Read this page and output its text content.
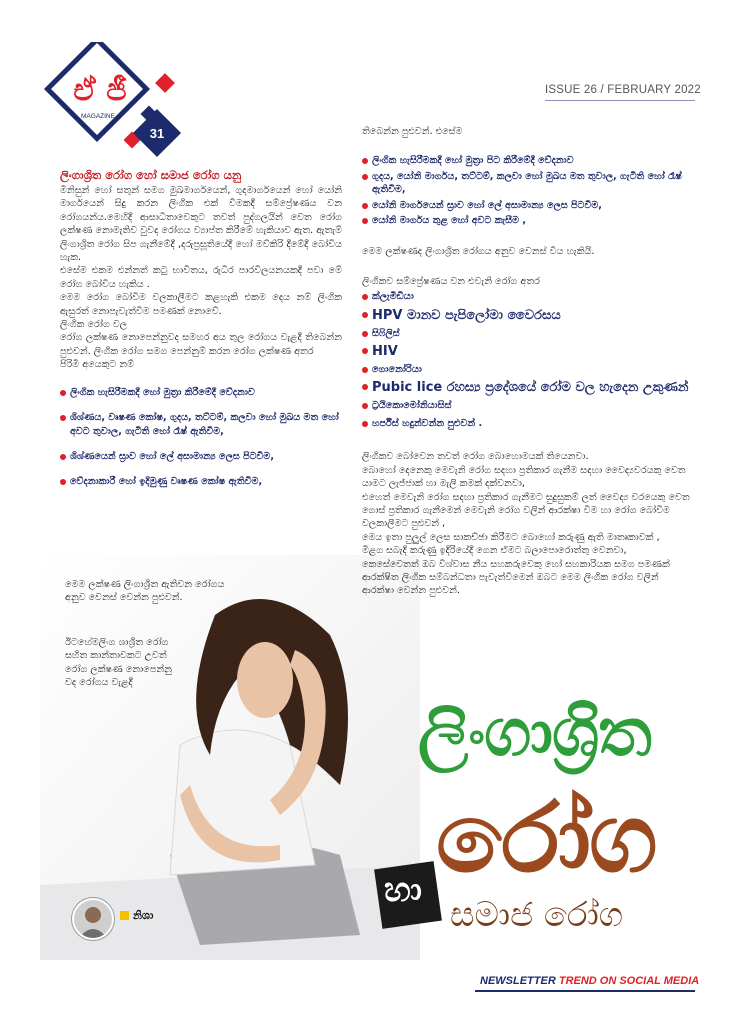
ඒ ජී
MAGAZINE
31
ISSUE 26 / FEBRUARY 2022
ලිංගාශ්‍රිත රෝග හෝ සමාජ රෝග යනු

මිනිසුන් හෝ සතුන් සමග මුඛමාර්ගයෙන්, ගුදමාර්ගයෙන් හෝ යෝනි මාර්ගයෙන් සිදු කරන ලිංගික එක් වීමකදී සම්ප්‍රේෂණය වන රෝගයන්ය.මෙහිදී ආසාධිතාවෙකුට තවත් පුද්ගලයින් වෙත රෝග ලක්ෂණ නොමැතිව වුවද රෝගය ව්‍යාප්ත කිරීමේ හැකියාව ඇත. ඇතැම් ලිංගාශ්‍රිත රෝග සිප ගැනීමේදී ,දරුප්‍රසූතියේදී හෝ මව්කිරි දීමේදී බෝවිය හැක.

එසේම එකම එන්නත් කටු භාවිතය, රුධිර පාරවිලයනයකදී පවා මේ රෝග බෝවිය හැකිය .

මෙම රෝග බෝවීම වලකාලීමට කළහැකි එකම දෙය නම් ලිංගික ඇසුරත් නොපැවැත්වීම පමණක් නොවේ.

ලිංගික රෝග වල

රෝග ලක්ෂණ නොපෙන්නුවද සමහර අය තුල රෝගය වැළදී තිබෙන්න පුළුවන්. ලිංගික රෝග සමග පෙන්නුම් කරන රෝග ලක්ෂණ අතර

පිරිමි අයෙකුට නම්

ලිංගික හැසිරීමකදී හෝ මුත්‍රා කිරීමේදී වේදනාව
ශිශ්ණය, වෘෂණ කෝෂ, ගුදය, තට්ටම්, කලවා හෝ මුඛය මත හෝ අවට තුවාල, ගැටිති හෝ රෑෂ් ඇතිවීම,
ශිශ්ණයෙන් ස්‍රාව හෝ ලේ අසාමාන්‍ය ලෙස පිටවීම,
වේදනාකාරී හෝ ඉදිමුණු වෘෂණ කෝෂ ඇතිවීම,
නිශා
මෙම ලක්ෂණ ලිංගාශ්‍රිත ඇතිවන රෝගය අනුව වෙනස් වෙන්න පුළුවන්.
ඊටහේමලිංග ශාශ්‍රිත රෝග සහිත කාන්තාවකට උවත් රෝග ලක්ෂණ නොපෙන්නු වද රෝගය වැළදී

තිබෙන්න පුළුවන්. එසේම

ලිංගික හැසිරීමකදී හෝ මුත්‍රා පිට කිරීමේදී වේදනාව
ගුදය, යෝනි මාර්ගය, තට්ටම්, කලවා හෝ මුඛය මත තුවාල, ගැටිති හෝ රෑෂ් ඇතිවීම,
යෝනි මාර්ගයෙන් ස්‍රාව හෝ ලේ අසාමාන්‍ය ලෙස පිටවීම,
යෝනි මාර්ගය තුළ හෝ අවට කැසීම ,

මෙම ලක්ෂණද ලිංගාශ්‍රිත රෝගය අනුව වෙනස් විය හැකියි.

ලිංගිකව සම්ප්‍රේෂණය වන එවැනි රෝග අතර

ක්ලැමීඩියා
HPV මානව පැපිලෝමා වෛරසය
සිෆිලිස්
HIV
ගොනෝරියා
Pubic lice රහස්‍ය ප්‍රදේශයේ රෝම වල හැදෙන උකුණන්
ට්‍රයිකොමෝනියාසිස්
හර්පීස් හදුන්වන්න පුළුවන් .

ලිංගිකව බෝවෙන තවත් රෝග බොහොමයක් තියෙනවා.

බොහෝ දෙනෙකු මෙවැනි රෝග සදහා ප්‍රතිකාර ගැනීම සදහා වෛද්‍යවරයකු වෙත යාමට ලැජ්ජාක් හා මැලි කමක් දක්වනවා,

එහෙත් මෙවැනි රෝග සදහා ප්‍රතිකාර ගැනීමට සුදුසුකම් ලත් වෛද්‍ය වරයෙකු වෙත ගොස් ප්‍රතිකාර ගැනීමෙන් මෙවැනි රෝග වලින් ආරක්ෂා වීම හා රෝග බෝවීම වලකාලීමට පුළුවන් ,

මෙය ඉතා පුලුල් ලෙස සාකච්ඡා කිරීමට බොහෝ කරුණු ඇති මාතෘකාවක් ,

මීළග සබැදි කරුණු ඉදිරියේදී ගෙන ඒමට බලාපොරොත්තු වෙනවා,

කෙසේවෙතත් ඔබ විශ්වාස නීය සහකරුවෙකු හෝ සහකාරියක සමග පමණක්

ආරක්ෂිත ලිංගික සම්බන්ධතා පැවැත්වීමෙන් ඔබට මෙම ලිංගික රෝග වලින් ආරක්ෂා වෙන්න පුළුවන්.

ලිංගාශ්‍රිත
රෝග
හා
සමාජ රෝග
NEWSLETTER TREND ON SOCIAL MEDIA
